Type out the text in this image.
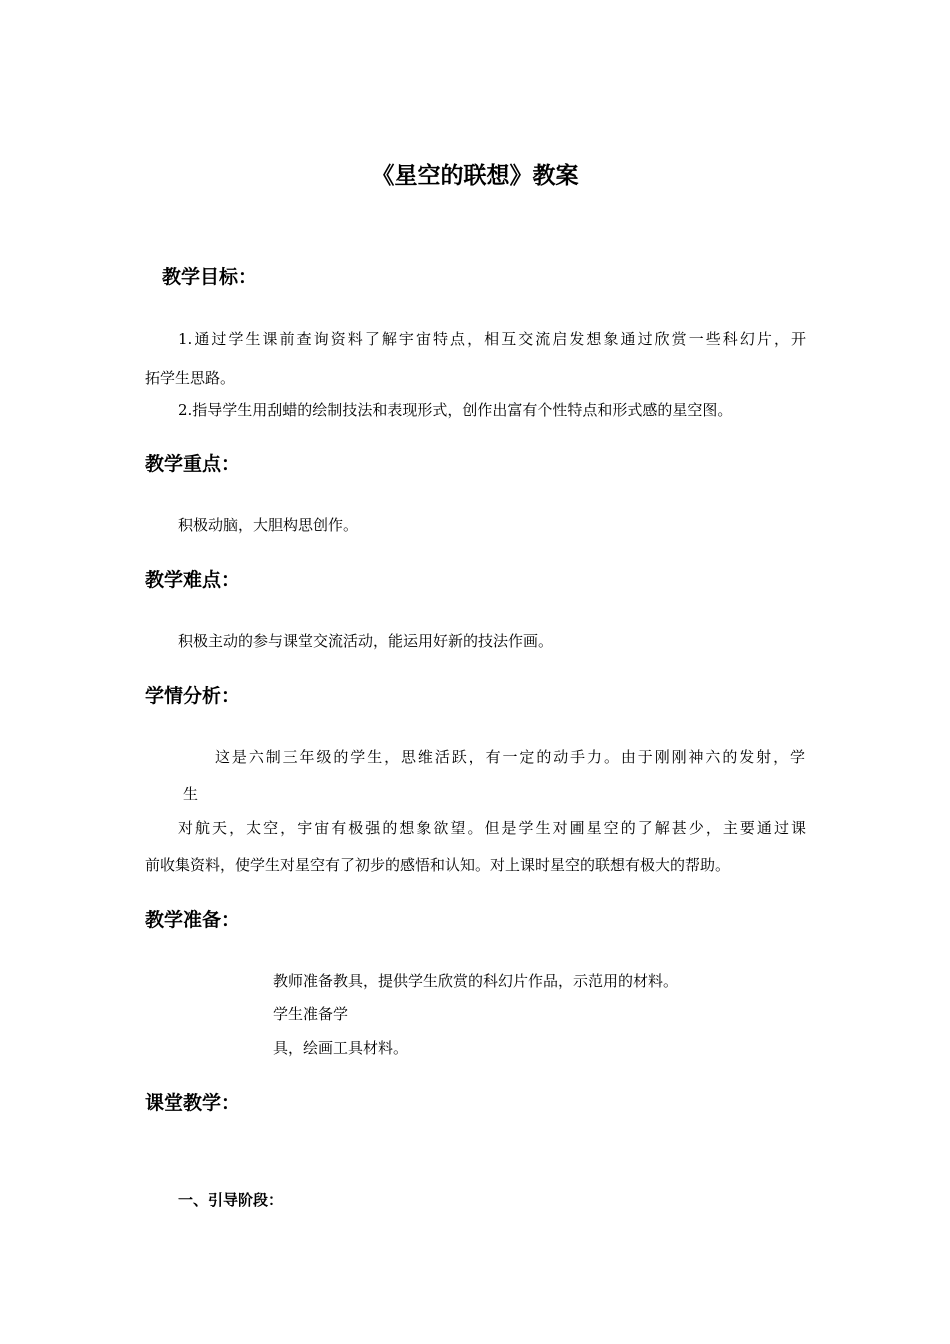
《星空的联想》教案
教学目标：
1.通过学生课前查询资料了解宇宙特点，相互交流启发想象通过欣赏一些科幻片，开
拓学生思路。
2.指导学生用刮蜡的绘制技法和表现形式，创作出富有个性特点和形式感的星空图。
教学重点：
积极动脑，大胆构思创作。
教学难点：
积极主动的参与课堂交流活动，能运用好新的技法作画。
学情分析：
这是六制三年级的学生，思维活跃，有一定的动手力。由于刚刚神六的发射，学
生
对航天，太空，宇宙有极强的想象欲望。但是学生对圃星空的了解甚少，主要通过课
前收集资料，使学生对星空有了初步的感悟和认知。对上课时星空的联想有极大的帮助。
教学准备：
教师准备教具，提供学生欣赏的科幻片作品，示范用的材料。
学生准备学
具，绘画工具材料。
课堂教学：
一、引导阶段：
